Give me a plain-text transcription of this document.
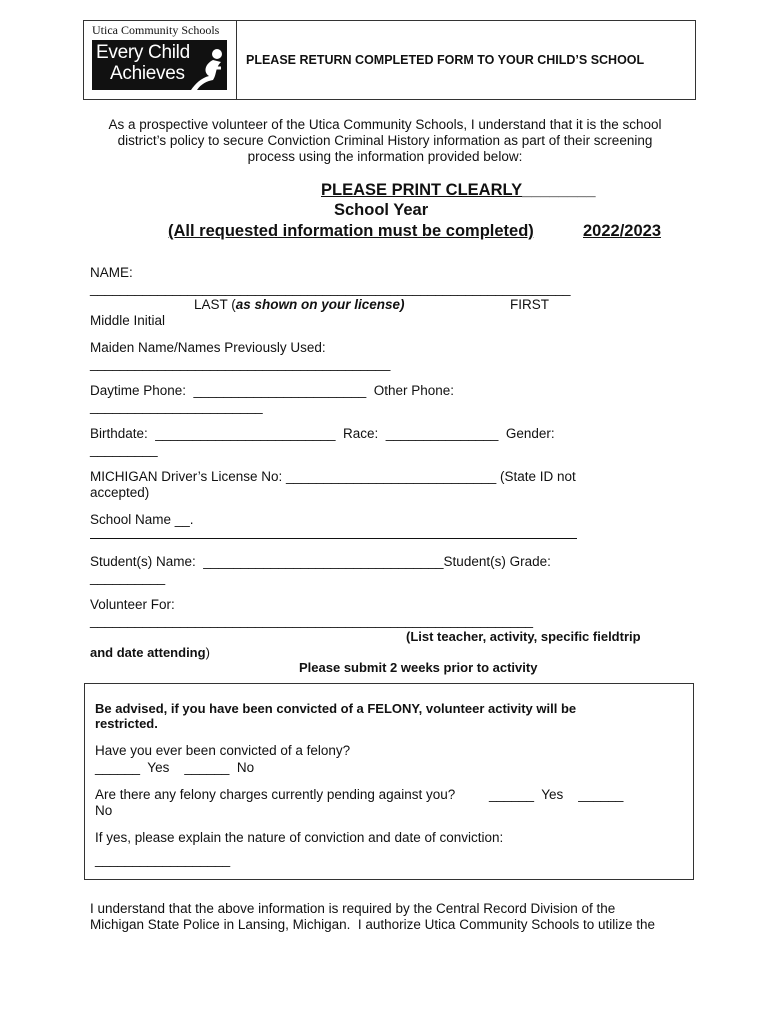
Utica Community Schools
Every Child
Achieves
PLEASE RETURN COMPLETED FORM TO YOUR CHILD’S SCHOOL
As a prospective volunteer of the Utica Community Schools, I understand that it is the school
district’s policy to secure Conviction Criminal History information as part of their screening
process using the information provided below:
PLEASE PRINT CLEARLY________
School Year
(All requested information must be completed)	2022/2023
NAME:
________________________________________________________________
LAST (as shown on your license)	FIRST
Middle Initial
Maiden Name/Names Previously Used:
________________________________________
Daytime Phone:  _______________________  Other Phone:
_______________________
Birthdate:  ________________________  Race:  _______________  Gender:
_________
MICHIGAN Driver’s License No: ____________________________ (State ID not
accepted)
School Name __.
Student(s) Name:  ________________________________Student(s) Grade:
__________
Volunteer For:
___________________________________________________________
(List teacher, activity, specific fieldtrip
and date attending)
Please submit 2 weeks prior to activity
Be advised, if you have been convicted of a FELONY, volunteer activity will be
restricted.
Have you ever been convicted of a felony?
______  Yes    ______  No
Are there any felony charges currently pending against you?         ______  Yes    ______
No
If yes, please explain the nature of conviction and date of conviction:
__________________
I understand that the above information is required by the Central Record Division of the
Michigan State Police in Lansing, Michigan.  I authorize Utica Community Schools to utilize the
